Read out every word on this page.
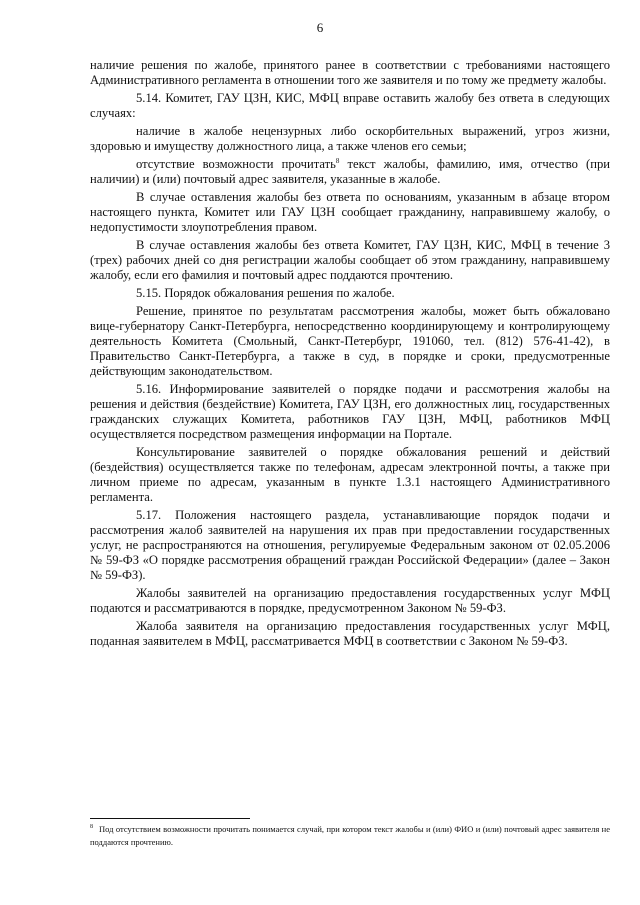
6

наличие решения по жалобе, принятого ранее в соответствии с требованиями настоящего Административного регламента в отношении того же заявителя и по тому же предмету жалобы.

5.14. Комитет, ГАУ ЦЗН, КИС, МФЦ вправе оставить жалобу без ответа в следующих случаях:

наличие в жалобе нецензурных либо оскорбительных выражений, угроз жизни, здоровью и имуществу должностного лица, а также членов его семьи;

отсутствие возможности прочитать$^8$ текст жалобы, фамилию, имя, отчество (при наличии) и (или) почтовый адрес заявителя, указанные в жалобе.

В случае оставления жалобы без ответа по основаниям, указанным в абзаце втором настоящего пункта, Комитет или ГАУ ЦЗН сообщает гражданину, направившему жалобу, о недопустимости злоупотребления правом.

В случае оставления жалобы без ответа Комитет, ГАУ ЦЗН, КИС, МФЦ в течение 3 (трех) рабочих дней со дня регистрации жалобы сообщает об этом гражданину, направившему жалобу, если его фамилия и почтовый адрес поддаются прочтению.

5.15. Порядок обжалования решения по жалобе.

Решение, принятое по результатам рассмотрения жалобы, может быть обжаловано вице-губернатору Санкт-Петербурга, непосредственно координирующему и контролирующему деятельность Комитета (Смольный, Санкт-Петербург, 191060, тел. (812) 576-41-42), в Правительство Санкт-Петербурга, а также в суд, в порядке и сроки, предусмотренные действующим законодательством.

5.16. Информирование заявителей о порядке подачи и рассмотрения жалобы на решения и действия (бездействие) Комитета, ГАУ ЦЗН, его должностных лиц, государственных гражданских служащих Комитета, работников ГАУ ЦЗН, МФЦ, работников МФЦ осуществляется посредством размещения информации на Портале.

Консультирование заявителей о порядке обжалования решений и действий (бездействия) осуществляется также по телефонам, адресам электронной почты, а также при личном приеме по адресам, указанным в пункте 1.3.1 настоящего Административного регламента.

5.17. Положения настоящего раздела, устанавливающие порядок подачи и рассмотрения жалоб заявителей на нарушения их прав при предоставлении государственных услуг, не распространяются на отношения, регулируемые Федеральным законом от 02.05.2006 № 59-ФЗ «О порядке рассмотрения обращений граждан Российской Федерации» (далее – Закон № 59-ФЗ).

Жалобы заявителей на организацию предоставления государственных услуг МФЦ подаются и рассматриваются в порядке, предусмотренном Законом № 59-ФЗ.

Жалоба заявителя на организацию предоставления государственных услуг МФЦ, поданная заявителем в МФЦ, рассматривается МФЦ в соответствии с Законом № 59-ФЗ.

$^8$ Под отсутствием возможности прочитать понимается случай, при котором текст жалобы и (или) ФИО и (или) почтовый адрес заявителя не поддаются прочтению.
